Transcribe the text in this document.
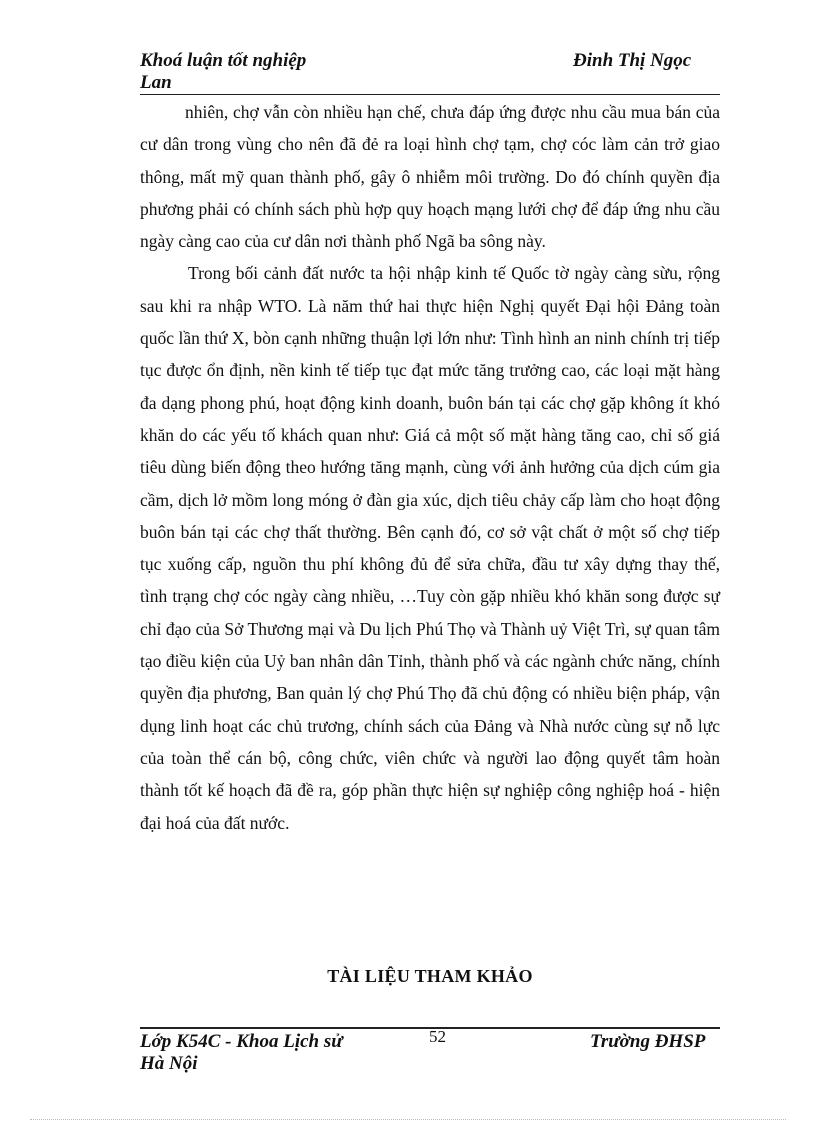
Khoá luận tốt nghiệp
Lan
Đinh Thị Ngọc

nhiên, chợ vẫn còn nhiều hạn chế, chưa đáp ứng được nhu cầu mua bán của cư dân trong vùng cho nên đã đẻ ra loại hình chợ tạm, chợ cóc làm cản trở giao thông, mất mỹ quan thành phố, gây ô nhiễm môi trường. Do đó chính quyền địa phương phải có chính sách phù hợp quy hoạch mạng lưới chợ để đáp ứng nhu cầu ngày càng cao của cư dân nơi thành phố Ngã ba sông này.

Trong bối cảnh đất nước ta hội nhập kinh tế Quốc tờ ngày càng sừu, rộng sau khi ra nhập WTO. Là năm thứ hai thực hiện Nghị quyết Đại hội Đảng toàn quốc lần thứ X, bòn cạnh những thuận lợi lớn như: Tình hình an ninh chính trị tiếp tục được ổn định, nền kinh tế tiếp tục đạt mức tăng trưởng cao, các loại mặt hàng đa dạng phong phú, hoạt động kinh doanh, buôn bán tại các chợ gặp không ít khó khăn do các yếu tố khách quan như: Giá cả một số mặt hàng tăng cao, chỉ số giá tiêu dùng biến động theo hướng tăng mạnh, cùng với ảnh hưởng của dịch cúm gia cầm, dịch lở mồm long móng ở đàn gia xúc, dịch tiêu chảy cấp làm cho hoạt động buôn bán tại các chợ thất thường. Bên cạnh đó, cơ sở vật chất ở một số chợ tiếp tục xuống cấp, nguồn thu phí không đủ để sửa chữa, đầu tư xây dựng thay thế, tình trạng chợ cóc ngày càng nhiều, …Tuy còn gặp nhiều khó khăn song được sự chỉ đạo của Sở Thương mại và Du lịch Phú Thọ và Thành uỷ Việt Trì, sự quan tâm tạo điều kiện của Uỷ ban nhân dân Tỉnh, thành phố và các ngành chức năng, chính quyền địa phương, Ban quản lý chợ Phú Thọ đã chủ động có nhiều biện pháp, vận dụng linh hoạt các chủ trương, chính sách của Đảng và Nhà nước cùng sự nỗ lực của toàn thể cán bộ, công chức, viên chức và người lao động quyết tâm hoàn thành tốt kế hoạch đã đề ra, góp phần thực hiện sự nghiệp công nghiệp hoá - hiện đại hoá của đất nước.

TÀI LIỆU THAM KHẢO
Lớp K54C - Khoa Lịch sử
Hà Nội
52	Trường ĐHSP
